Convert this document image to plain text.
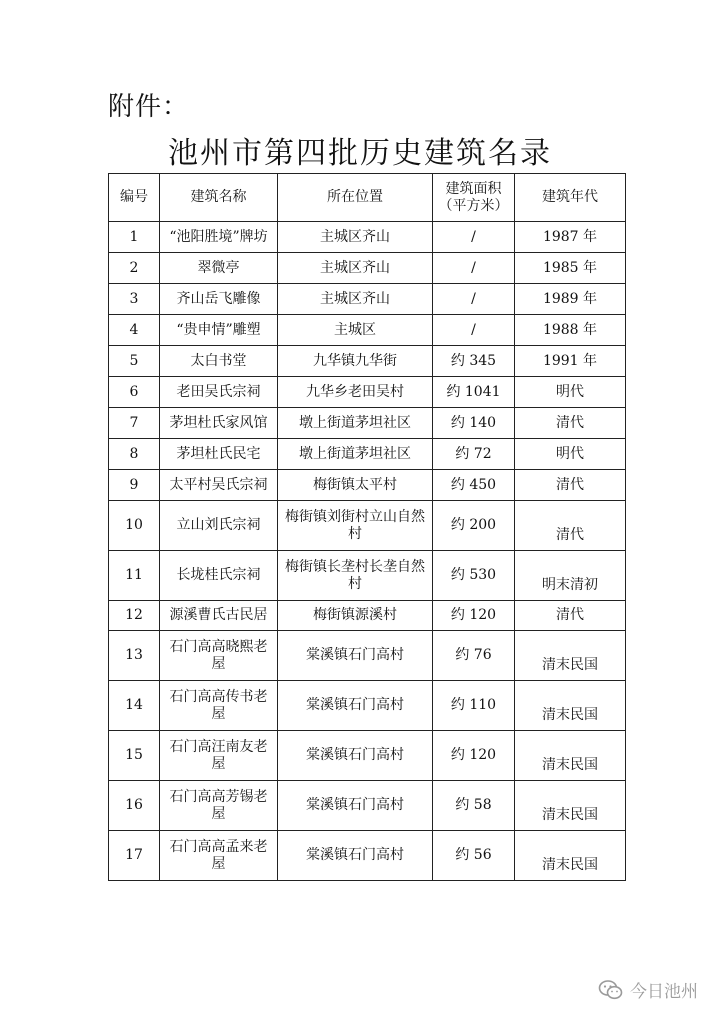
附件：
池州市第四批历史建筑名录
编号	建筑名称	所在位置	建筑面积（平方米）	建筑年代
1	“池阳胜境”牌坊	主城区齐山	/	1987 年
2	翠微亭	主城区齐山	/	1985 年
3	齐山岳飞雕像	主城区齐山	/	1989 年
4	“贵申情”雕塑	主城区	/	1988 年
5	太白书堂	九华镇九华街	约 345	1991 年
6	老田吴氏宗祠	九华乡老田吴村	约 1041	明代
7	茅坦杜氏家风馆	墩上街道茅坦社区	约 140	清代
8	茅坦杜氏民宅	墩上街道茅坦社区	约 72	明代
9	太平村吴氏宗祠	梅街镇太平村	约 450	清代
10	立山刘氏宗祠	梅街镇刘街村立山自然村	约 200	清代
11	长垅桂氏宗祠	梅街镇长垄村长垄自然村	约 530	明末清初
12	源溪曹氏古民居	梅街镇源溪村	约 120	清代
13	石门高高晓熙老屋	棠溪镇石门高村	约 76	清末民国
14	石门高高传书老屋	棠溪镇石门高村	约 110	清末民国
15	石门高汪南友老屋	棠溪镇石门高村	约 120	清末民国
16	石门高高芳锡老屋	棠溪镇石门高村	约 58	清末民国
17	石门高高孟来老屋	棠溪镇石门高村	约 56	清末民国
今日池州
